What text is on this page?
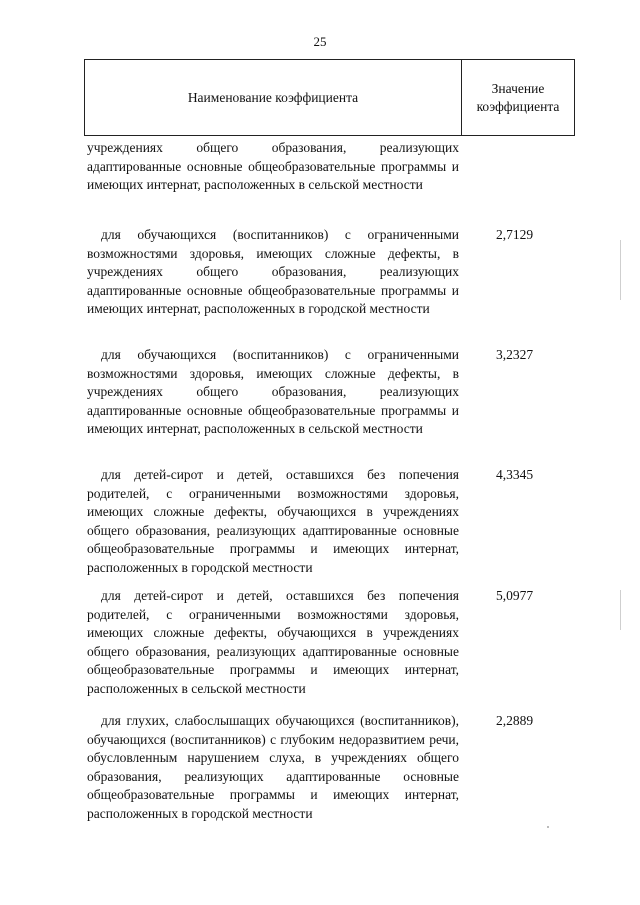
25
Наименование коэффициента
Значение
коэффициента
учреждениях общего образования, реализующих адаптированные основные общеобразовательные программы и имеющих интернат, расположенных в сельской местности
для обучающихся (воспитанников) с ограниченными возможностями здоровья, имеющих сложные дефекты, в учреждениях общего образования, реализующих адаптированные основные общеобразовательные программы и имеющих интернат, расположенных в городской местности
2,7129
для обучающихся (воспитанников) с ограниченными возможностями здоровья, имеющих сложные дефекты, в учреждениях общего образования, реализующих адаптированные основные общеобразовательные программы и имеющих интернат, расположенных в сельской местности
3,2327
для детей-сирот и детей, оставшихся без попечения родителей, с ограниченными возможностями здоровья, имеющих сложные дефекты, обучающихся в учреждениях общего образования, реализующих адаптированные основные общеобразовательные программы и имеющих интернат, расположенных в городской местности
4,3345
для детей-сирот и детей, оставшихся без попечения родителей, с ограниченными возможностями здоровья, имеющих сложные дефекты, обучающихся в учреждениях общего образования, реализующих адаптированные основные общеобразовательные программы и имеющих интернат, расположенных в сельской местности
5,0977
для глухих, слабослышащих обучающихся (воспитанников), обучающихся (воспитанников) с глубоким недоразвитием речи, обусловленным нарушением слуха, в учреждениях общего образования, реализующих адаптированные основные общеобразовательные программы и имеющих интернат, расположенных в городской местности
2,2889
